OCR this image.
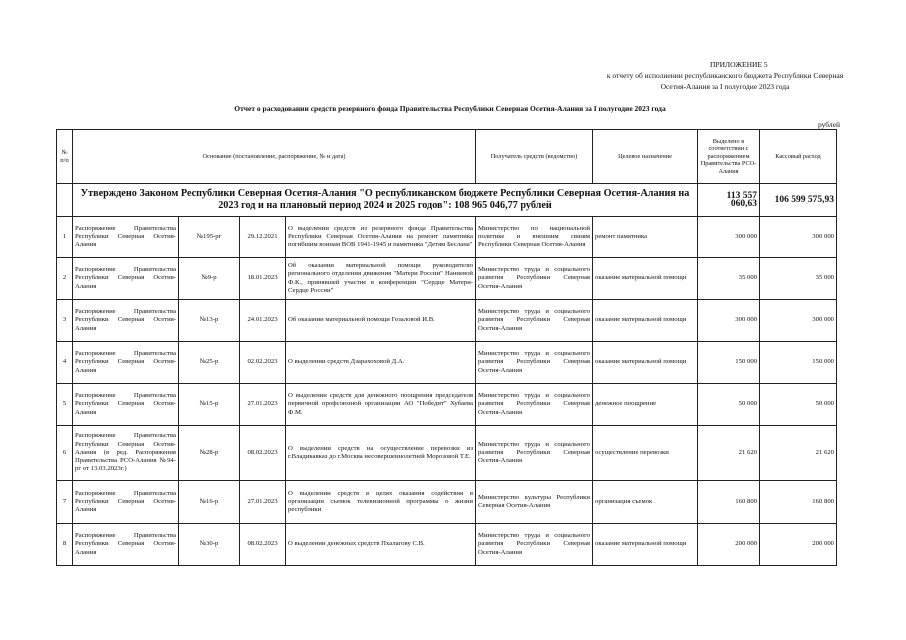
ПРИЛОЖЕНИЕ 5
к отчету об исполнении республиканского бюджета Республики Северная
Осетия-Алания за I полугодие 2023 года
Отчет о расходовании средств резервного фонда Правительства Республики Северная Осетия-Алания за I полугодие 2023 года
рублей
№ п/п	Основание (постановление, распоряжение, № и дата)				Получатель средств (ведомство)	Целевое назначение	Выделено в соответствии с распоряжением Правительства РСО-Алания	Кассовый расход
	Утверждено Законом Республики Северная Осетия-Алания "О республиканском бюджете Республики Северная Осетия-Алания на 2023 год и на плановый период 2024 и 2025 годов": 108 965 046,77 рублей						113 557 060,63	106 599 575,93
1	Распоряжение Правительства Республики Северная Осетия-Алания	№195-рг	29.12.2021	О выделении средств из резервного фонда Правительства Республики Северная Осетия-Алания на ремонт памятника погибшим воинам ВОВ 1941-1945 и памятника "Детям Беслана"	Министерство по национальной политике и внешним связям Республики Северная Осетия-Алания	ремонт памятника	300 000	300 000
2	Распоряжение Правительства Республики Северная Осетия-Алания	№9-р	18.01.2023	Об оказании материальной помощи руководителю регионального отделения движения "Матери России" Наниевой Ф.К., принявшей участие в конференции "Сердце Матери-Сердце России"	Министерство труда и социального развития Республики Северная Осетия-Алания	оказание материальной помощи	35 000	35 000
3	Распоряжение Правительства Республики Северная Осетия-Алания	№13-р	24.01.2023	Об оказании материальной помощи Гозаловой И.В.	Министерство труда и социального развития Республики Северная Осетия-Алания	оказание материальной помощи	300 000	300 000
4	Распоряжение Правительства Республики Северная Осетия-Алания	№25-р	02.02.2023	О выделении средств Дзарахоховой Д.А.	Министерство труда и социального развития Республики Северная Осетия-Алания	оказание материальной помощи	150 000	150 000
5	Распоряжение Правительства Республики Северная Осетия-Алания	№15-р	27.01.2023	О выделении средств для денежного поощрения председателя первичной профсоюзной организации АО "Победит" Хубаева Ф.М.	Министерство труда и социального развития Республики Северная Осетия-Алания	денежное поощрение	50 000	50 000
6	Распоряжение Правительства Республики Северная Осетия-Алания (в ред. Распоряжения Правительства РСО-Алания №94-рг от 13.03.2023г.)	№28-р	08.02.2023	О выделении средств на осуществление перевозки из г.Владикавказ до г.Москва несовершеннолетней Морозовой Т.Е.	Министерство труда и социального развития Республики Северная Осетия-Алания	осуществление перевозки	21 620	21 620
7	Распоряжение Правительства Республики Северная Осетия-Алания	№16-р	27.01.2023	О выделении средств в целях оказания содействия в организации съемок телевизионной программы о жизни республики	Министерство культуры Республики Северная Осетия-Алания	организация съемок	160 800	160 800
8	Распоряжение Правительства Республики Северная Осетия-Алания	№30-р	08.02.2023	О выделении денежных средств Пхалагову С.В.	Министерство труда и социального развития Республики Северная Осетия-Алания	оказание материальной помощи	200 000	200 000
